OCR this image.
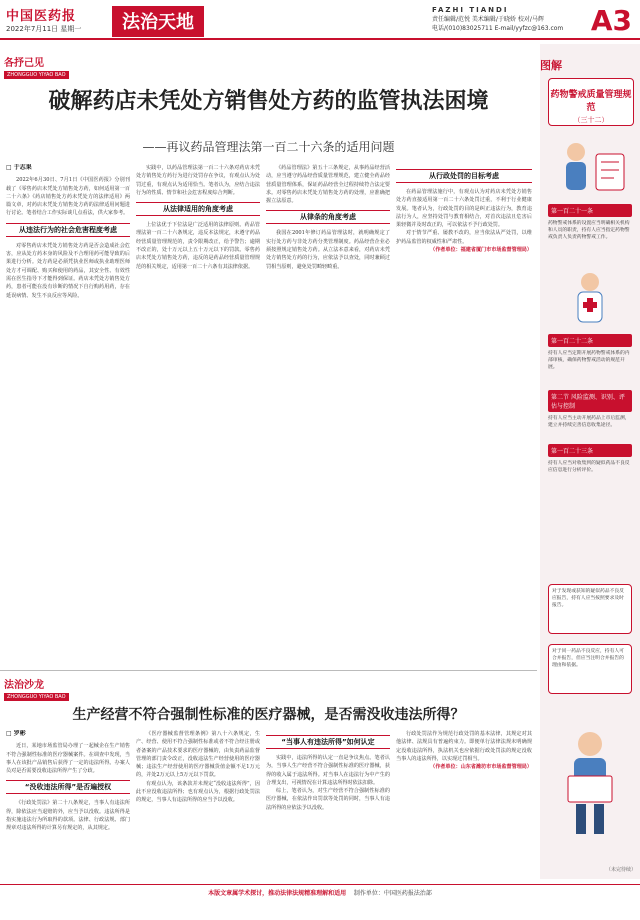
中国医药报
2022年7月11日 星期一	法治天地
FAZHI TIANDI
责任编辑/范悦 美术编辑/于晓娇 校对/马辉
电话/(010)83025711 E-mail/yyfzc@163.com A3
各抒己见
ZHONGGUO YIYAO BAO
破解药店未凭处方销售处方药的监管执法困境
——再议药品管理法第一百二十六条的适用问题
□ 于志果

2022年6月30日、7月1日《中国医药报》分别刊载了《零售药店未凭处方销售处方药，如何适用第一百二十六条》《药店销售处方药未凭处方的法律适用》两篇文章，对药店未凭处方销售处方药的法律适用问题进行讨论。笔者结合工作实际谈几点看法，供大家参考。

从违法行为的社会危害程度考虑

对零售药店未凭处方销售处方药是否会造成社会危害，应从处方药本身的风险及不合理用药可能导致的后果进行分析。处方药是必须凭执业医师或执业助理医师处方才可调配、购买和使用的药品，其安全性、有效性需在医生指导下才能得到保证。药店未凭处方销售处方药，患者可能在没有诊断的情况下自行购药用药，存在延误病情、发生不良反应等风险。

实践中，以药品管理法第一百二十六条对药店未凭处方销售处方药行为进行处罚存在争议，有观点认为处罚过重，有观点认为适用恰当。笔者认为，应结合违法行为的性质、情节和社会危害程度综合判断。

从法律适用的角度考虑

上位法优于下位法是广泛适用的法律原则。药品管理法第一百二十六条规定，违反本法规定，未遵守药品经营质量管理规范的，责令限期改正，给予警告；逾期不改正的，处十万元以上五十万元以下的罚款。零售药店未凭处方销售处方药，违反的是药品经营质量管理规范的相关规定，适用第一百二十六条有其法律依据。

《药品管理法》第五十三条规定，从事药品经营活动，应当遵守药品经营质量管理规范，建立健全药品经营质量管理体系，保证药品经营全过程持续符合法定要求。对零售药店未凭处方销售处方药的处理，应准确把握立法原意。

从律条的角度考虑

我国在2001年修订药品管理法时，就明确规定了实行处方药与非处方药分类管理制度。药品经营企业必须按照规定销售处方药。从立法本意来看，对药店未凭处方销售处方药的行为，应依法予以查处，同时兼顾过罚相当原则，避免处罚畸轻畸重。

从行政处罚的目标考虑

在药品管理法施行中，有观点认为对药店未凭处方销售处方药直接适用第一百二十六条处罚过重，不利于行业健康发展。笔者认为，行政处罚的目的是纠正违法行为，教育违法行为人，应坚持处罚与教育相结合，对首次违法且危害后果轻微并及时改正的，可以依法不予行政处罚。

对于情节严重、屡教不改的，应当依法从严处罚，以维护药品监管的权威性和严肃性。

（作者单位：福建省厦门市市场监督管理局）

法治沙龙
ZHONGGUO YIYAO BAO
生产经营不符合强制性标准的医疗器械，是否需没收违法所得？
□ 罗彬

近日，某地市场监管局办理了一起械企在生产销售不符合强制性标准的医疗器械案件。在调查中发现，当事人在该批产品销售后获得了一定的违法所得。办案人员对是否需要没收违法所得产生了分歧。

“没收违法所得”是否遍授权

《行政处罚法》第二十八条规定，当事人有违法所得，除依法应当退赔的外，应当予以没收。违法所得是指实施违法行为所取得的款项。法律、行政法规、部门规章对违法所得的计算另有规定的，从其规定。

《医疗器械监督管理条例》第八十六条规定，生产、经营、使用不符合强制性标准或者不符合经注册或者备案的产品技术要求的医疗器械的，由负责药品监督管理的部门责令改正，没收违法生产经营使用的医疗器械；违法生产经营使用的医疗器械货值金额不足1万元的，并处2万元以上5万元以下罚款。

有观点认为，该条款并未规定“没收违法所得”，因此不应没收违法所得；也有观点认为，根据行政处罚法的规定，当事人有违法所得的应当予以没收。

“当事人有违法所得”如何认定

实践中，违法所得的认定一直是争议焦点。笔者认为，当事人生产经营不符合强制性标准的医疗器械，获得的收入属于违法所得。对当事人在违法行为中产生的合理支出，可视情况在计算违法所得时依法扣除。

综上，笔者认为，对生产经营不符合强制性标准的医疗器械，在依法作出罚款等处罚的同时，当事人有违法所得的应依法予以没收。

行政处罚法作为规范行政处罚的基本法律，其规定对其他法律、法规具有普遍约束力。即便单行法律法规未明确规定没收违法所得，执法机关也应依据行政处罚法的规定没收当事人的违法所得，以实现过罚相当。

（作者单位：山东省潍坊市市场监督管理局）

图解
药物警戒质量管理规范
（三十二）
第一百二十一条
药物警戒体系的设置应当明确相关机构和人员的职责，持有人应当指定药物警戒负责人负责药物警戒工作。
第一百二十二条
持有人应当定期开展药物警戒体系的内部审核，确保药物警戒活动的规范开展。
第二节 风险监测、识别、评估与控制
持有人应当主动开展药品上市后监测，建立并持续完善信息收集途径。
第一百二十三条
持有人应当对收集到的疑似药品不良反应信息进行分析评价。
对于发现或获知的疑似药品不良反应报告，持有人应当按照要求及时报告。
对于同一药品不良反应，持有人可合并报告，但应当注明合并报告的理由和依据。
（未完待续）
本版文章属学术探讨，推动法律法规精准理解和适用 制作单位：中国医药报法治部
